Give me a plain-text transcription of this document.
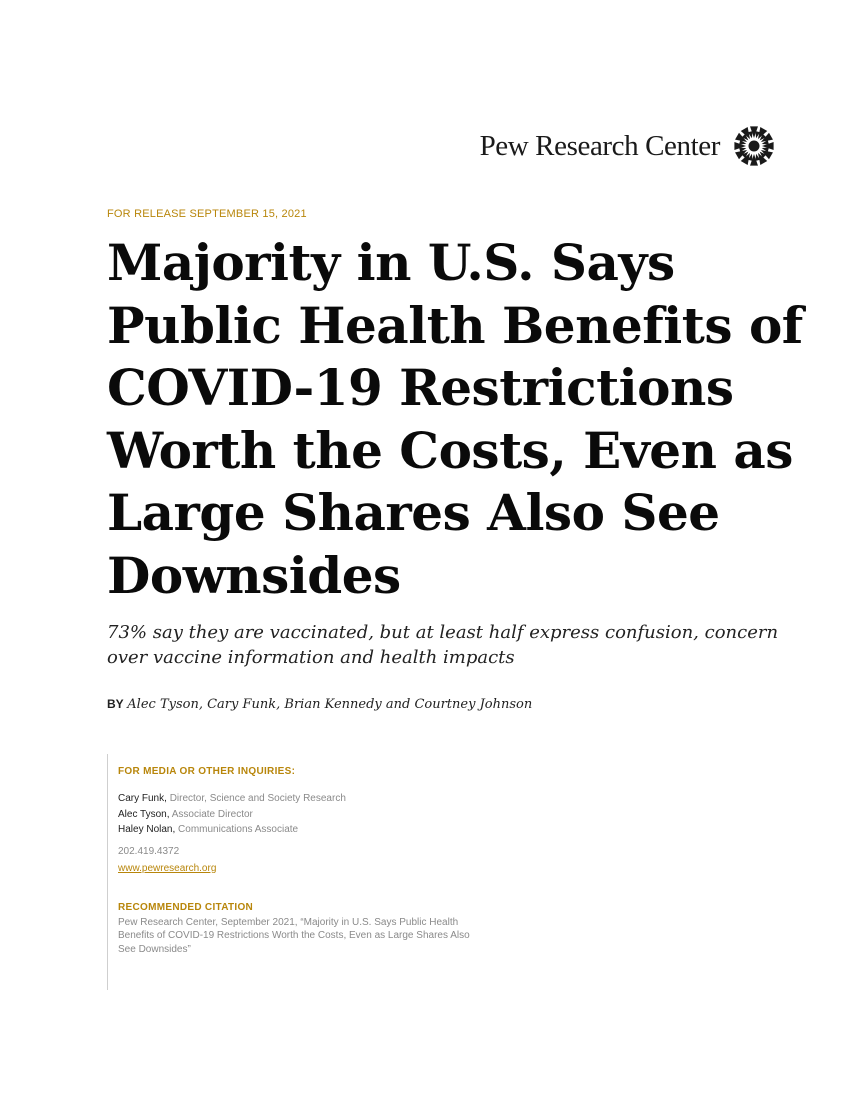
Pew Research Center
FOR RELEASE SEPTEMBER 15, 2021
Majority in U.S. Says Public Health Benefits of COVID-19 Restrictions Worth the Costs, Even as Large Shares Also See Downsides

73% say they are vaccinated, but at least half express confusion, concern over vaccine information and health impacts

BY Alec Tyson, Cary Funk, Brian Kennedy and Courtney Johnson
FOR MEDIA OR OTHER INQUIRIES:
Cary Funk, Director, Science and Society Research
Alec Tyson, Associate Director
Haley Nolan, Communications Associate
202.419.4372
www.pewresearch.org
RECOMMENDED CITATION
Pew Research Center, September 2021, “Majority in U.S. Says Public Health Benefits of COVID-19 Restrictions Worth the Costs, Even as Large Shares Also See Downsides”
